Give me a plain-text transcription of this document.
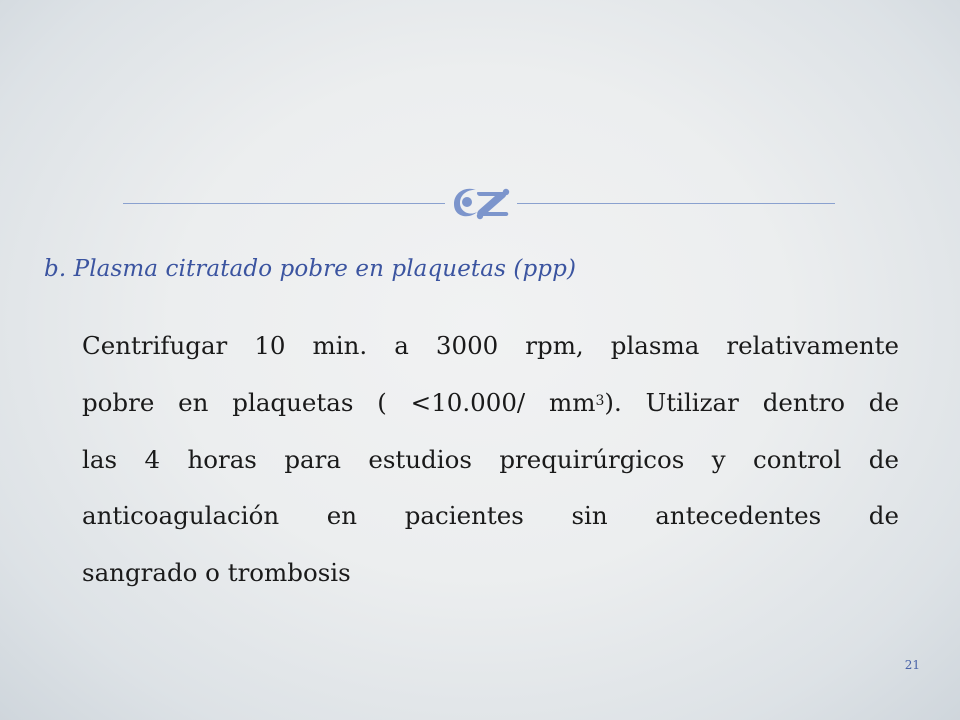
b. Plasma citratado pobre en plaquetas (ppp)
Centrifugar 10 min. a 3000 rpm, plasma relativamente
pobre en plaquetas ( <10.000/ $mm^3$). Utilizar dentro de
las 4 horas para estudios prequirúrgicos y control de
anticoagulación en pacientes sin antecedentes de
sangrado o trombosis
21
